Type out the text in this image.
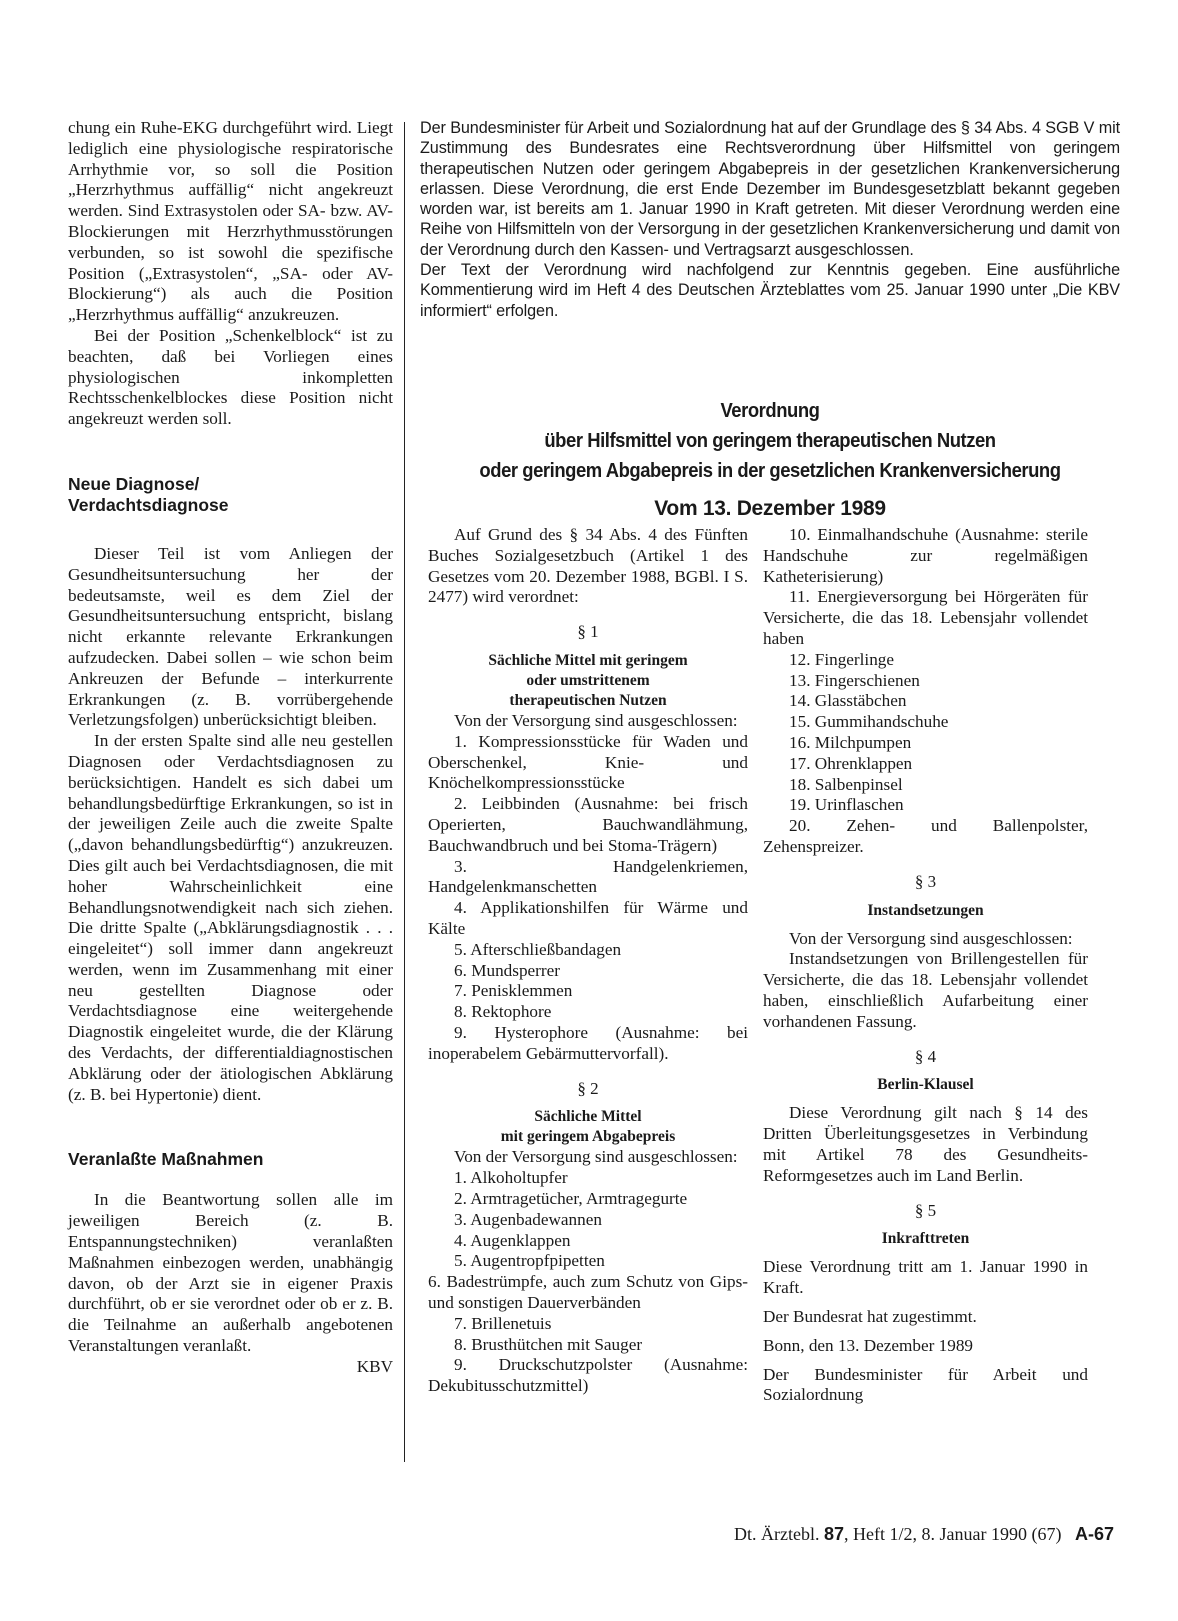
chung ein Ruhe-EKG durchgeführt wird. Liegt lediglich eine physiologische respiratorische Arrhythmie vor, so soll die Position „Herzrhythmus auffällig“ nicht angekreuzt werden. Sind Extrasystolen oder SA- bzw. AV-Blockierungen mit Herzrhythmusstörungen verbunden, so ist sowohl die spezifische Position („Extrasystolen“, „SA- oder AV-Blockierung“) als auch die Position „Herzrhythmus auffällig“ anzukreuzen.

Bei der Position „Schenkelblock“ ist zu beachten, daß bei Vorliegen eines physiologischen inkompletten Rechtsschenkelblockes diese Position nicht angekreuzt werden soll.

Neue Diagnose/
Verdachtsdiagnose

Dieser Teil ist vom Anliegen der Gesundheitsuntersuchung her der bedeutsamste, weil es dem Ziel der Gesundheitsuntersuchung entspricht, bislang nicht erkannte relevante Erkrankungen aufzudecken. Dabei sollen – wie schon beim Ankreuzen der Befunde – interkurrente Erkrankungen (z. B. vorrübergehende Verletzungsfolgen) unberücksichtigt bleiben.

In der ersten Spalte sind alle neu gestellen Diagnosen oder Verdachtsdiagnosen zu berücksichtigen. Handelt es sich dabei um behandlungsbedürftige Erkrankungen, so ist in der jeweiligen Zeile auch die zweite Spalte („davon behandlungsbedürftig“) anzukreuzen. Dies gilt auch bei Verdachtsdiagnosen, die mit hoher Wahrscheinlichkeit eine Behandlungsnotwendigkeit nach sich ziehen. Die dritte Spalte („Abklärungsdiagnostik . . . eingeleitet“) soll immer dann angekreuzt werden, wenn im Zusammenhang mit einer neu gestellten Diagnose oder Verdachtsdiagnose eine weitergehende Diagnostik eingeleitet wurde, die der Klärung des Verdachts, der differentialdiagnostischen Abklärung oder der ätiologischen Abklärung (z. B. bei Hypertonie) dient.

Veranlaßte Maßnahmen

In die Beantwortung sollen alle im jeweiligen Bereich (z. B. Entspannungstechniken) veranlaßten Maßnahmen einbezogen werden, unabhängig davon, ob der Arzt sie in eigener Praxis durchführt, ob er sie verordnet oder ob er z. B. die Teilnahme an außerhalb angebotenen Veranstaltungen veranlaßt.

KBV

Der Bundesminister für Arbeit und Sozialordnung hat auf der Grundlage des § 34 Abs. 4 SGB V mit Zustimmung des Bundesrates eine Rechtsverordnung über Hilfsmittel von geringem therapeutischen Nutzen oder geringem Abgabepreis in der gesetzlichen Krankenversicherung erlassen. Diese Verordnung, die erst Ende Dezember im Bundesgesetzblatt bekannt gegeben worden war, ist bereits am 1. Januar 1990 in Kraft getreten. Mit dieser Verordnung werden eine Reihe von Hilfsmitteln von der Versorgung in der gesetzlichen Krankenversicherung und damit von der Verordnung durch den Kassen- und Vertragsarzt ausgeschlossen.

Der Text der Verordnung wird nachfolgend zur Kenntnis gegeben. Eine ausführliche Kommentierung wird im Heft 4 des Deutschen Ärzteblattes vom 25. Januar 1990 unter „Die KBV informiert“ erfolgen.

Verordnung
über Hilfsmittel von geringem therapeutischen Nutzen
oder geringem Abgabepreis in der gesetzlichen Krankenversicherung
Vom 13. Dezember 1989

Auf Grund des § 34 Abs. 4 des Fünften Buches Sozialgesetzbuch (Artikel 1 des Gesetzes vom 20. Dezember 1988, BGBl. I S. 2477) wird verordnet:

§ 1

Sächliche Mittel mit geringem
oder umstrittenem
therapeutischen Nutzen

Von der Versorgung sind ausgeschlossen:

1. Kompressionsstücke für Waden und Oberschenkel, Knie- und Knöchelkompressionsstücke

2. Leibbinden (Ausnahme: bei frisch Operierten, Bauchwandlähmung, Bauchwandbruch und bei Stoma-Trägern)

3. Handgelenkriemen, Handgelenkmanschetten

4. Applikationshilfen für Wärme und Kälte

5. Afterschließbandagen

6. Mundsperrer

7. Penisklemmen

8. Rektophore

9. Hysterophore (Ausnahme: bei inoperabelem Gebärmuttervorfall).

§ 2

Sächliche Mittel
mit geringem Abgabepreis

Von der Versorgung sind ausgeschlossen:

1. Alkoholtupfer

2. Armtragetücher, Armtragegurte

3. Augenbadewannen

4. Augenklappen

5. Augentropfpipetten

6. Badestrümpfe, auch zum Schutz von Gips- und sonstigen Dauerverbänden

7. Brillenetuis

8. Brusthütchen mit Sauger

9. Druckschutzpolster (Ausnahme: Dekubitusschutzmittel)

10. Einmalhandschuhe (Ausnahme: sterile Handschuhe zur regelmäßigen Katheterisierung)

11. Energieversorgung bei Hörgeräten für Versicherte, die das 18. Lebensjahr vollendet haben

12. Fingerlinge

13. Fingerschienen

14. Glasstäbchen

15. Gummihandschuhe

16. Milchpumpen

17. Ohrenklappen

18. Salbenpinsel

19. Urinflaschen

20. Zehen- und Ballenpolster, Zehenspreizer.

§ 3

Instandsetzungen

Von der Versorgung sind ausgeschlossen:

Instandsetzungen von Brillengestellen für Versicherte, die das 18. Lebensjahr vollendet haben, einschließlich Aufarbeitung einer vorhandenen Fassung.

§ 4

Berlin-Klausel

Diese Verordnung gilt nach § 14 des Dritten Überleitungsgesetzes in Verbindung mit Artikel 78 des Gesundheits-Reformgesetzes auch im Land Berlin.

§ 5

Inkrafttreten

Diese Verordnung tritt am 1. Januar 1990 in Kraft.

Der Bundesrat hat zugestimmt.

Bonn, den 13. Dezember 1989

Der Bundesminister für Arbeit und Sozialordnung

Dt. Ärztebl. 87, Heft 1/2, 8. Januar 1990 (67) A-67
